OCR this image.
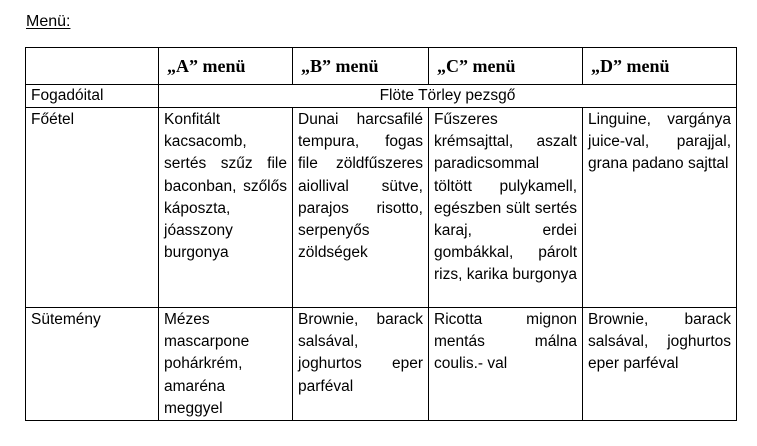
Menü:
	„A” menü	„B” menü	„C” menü	„D” menü
Fogadóital	Flöte Törley pezsgő			
Főétel	Konfitált kacsacomb, sertés szűz file baconban, szőlős káposzta, jóasszony burgonya	Dunai harcsafilé tempura, fogas file zöldfűszeres aiollival sütve, parajos risotto, serpenyős zöldségek	Fűszeres krémsajttal, aszalt paradicsommal töltött pulykamell, egészben sült sertés karaj, erdei gombákkal, párolt rizs, karika burgonya	Linguine, vargánya juice-val, parajjal, grana padano sajttal
Sütemény	Mézes mascarpone pohárkrém, amaréna meggyel	Brownie, barack salsával, joghurtos eper parféval	Ricotta mignon mentás málna coulis.- val	Brownie, barack salsával, joghurtos eper parféval
